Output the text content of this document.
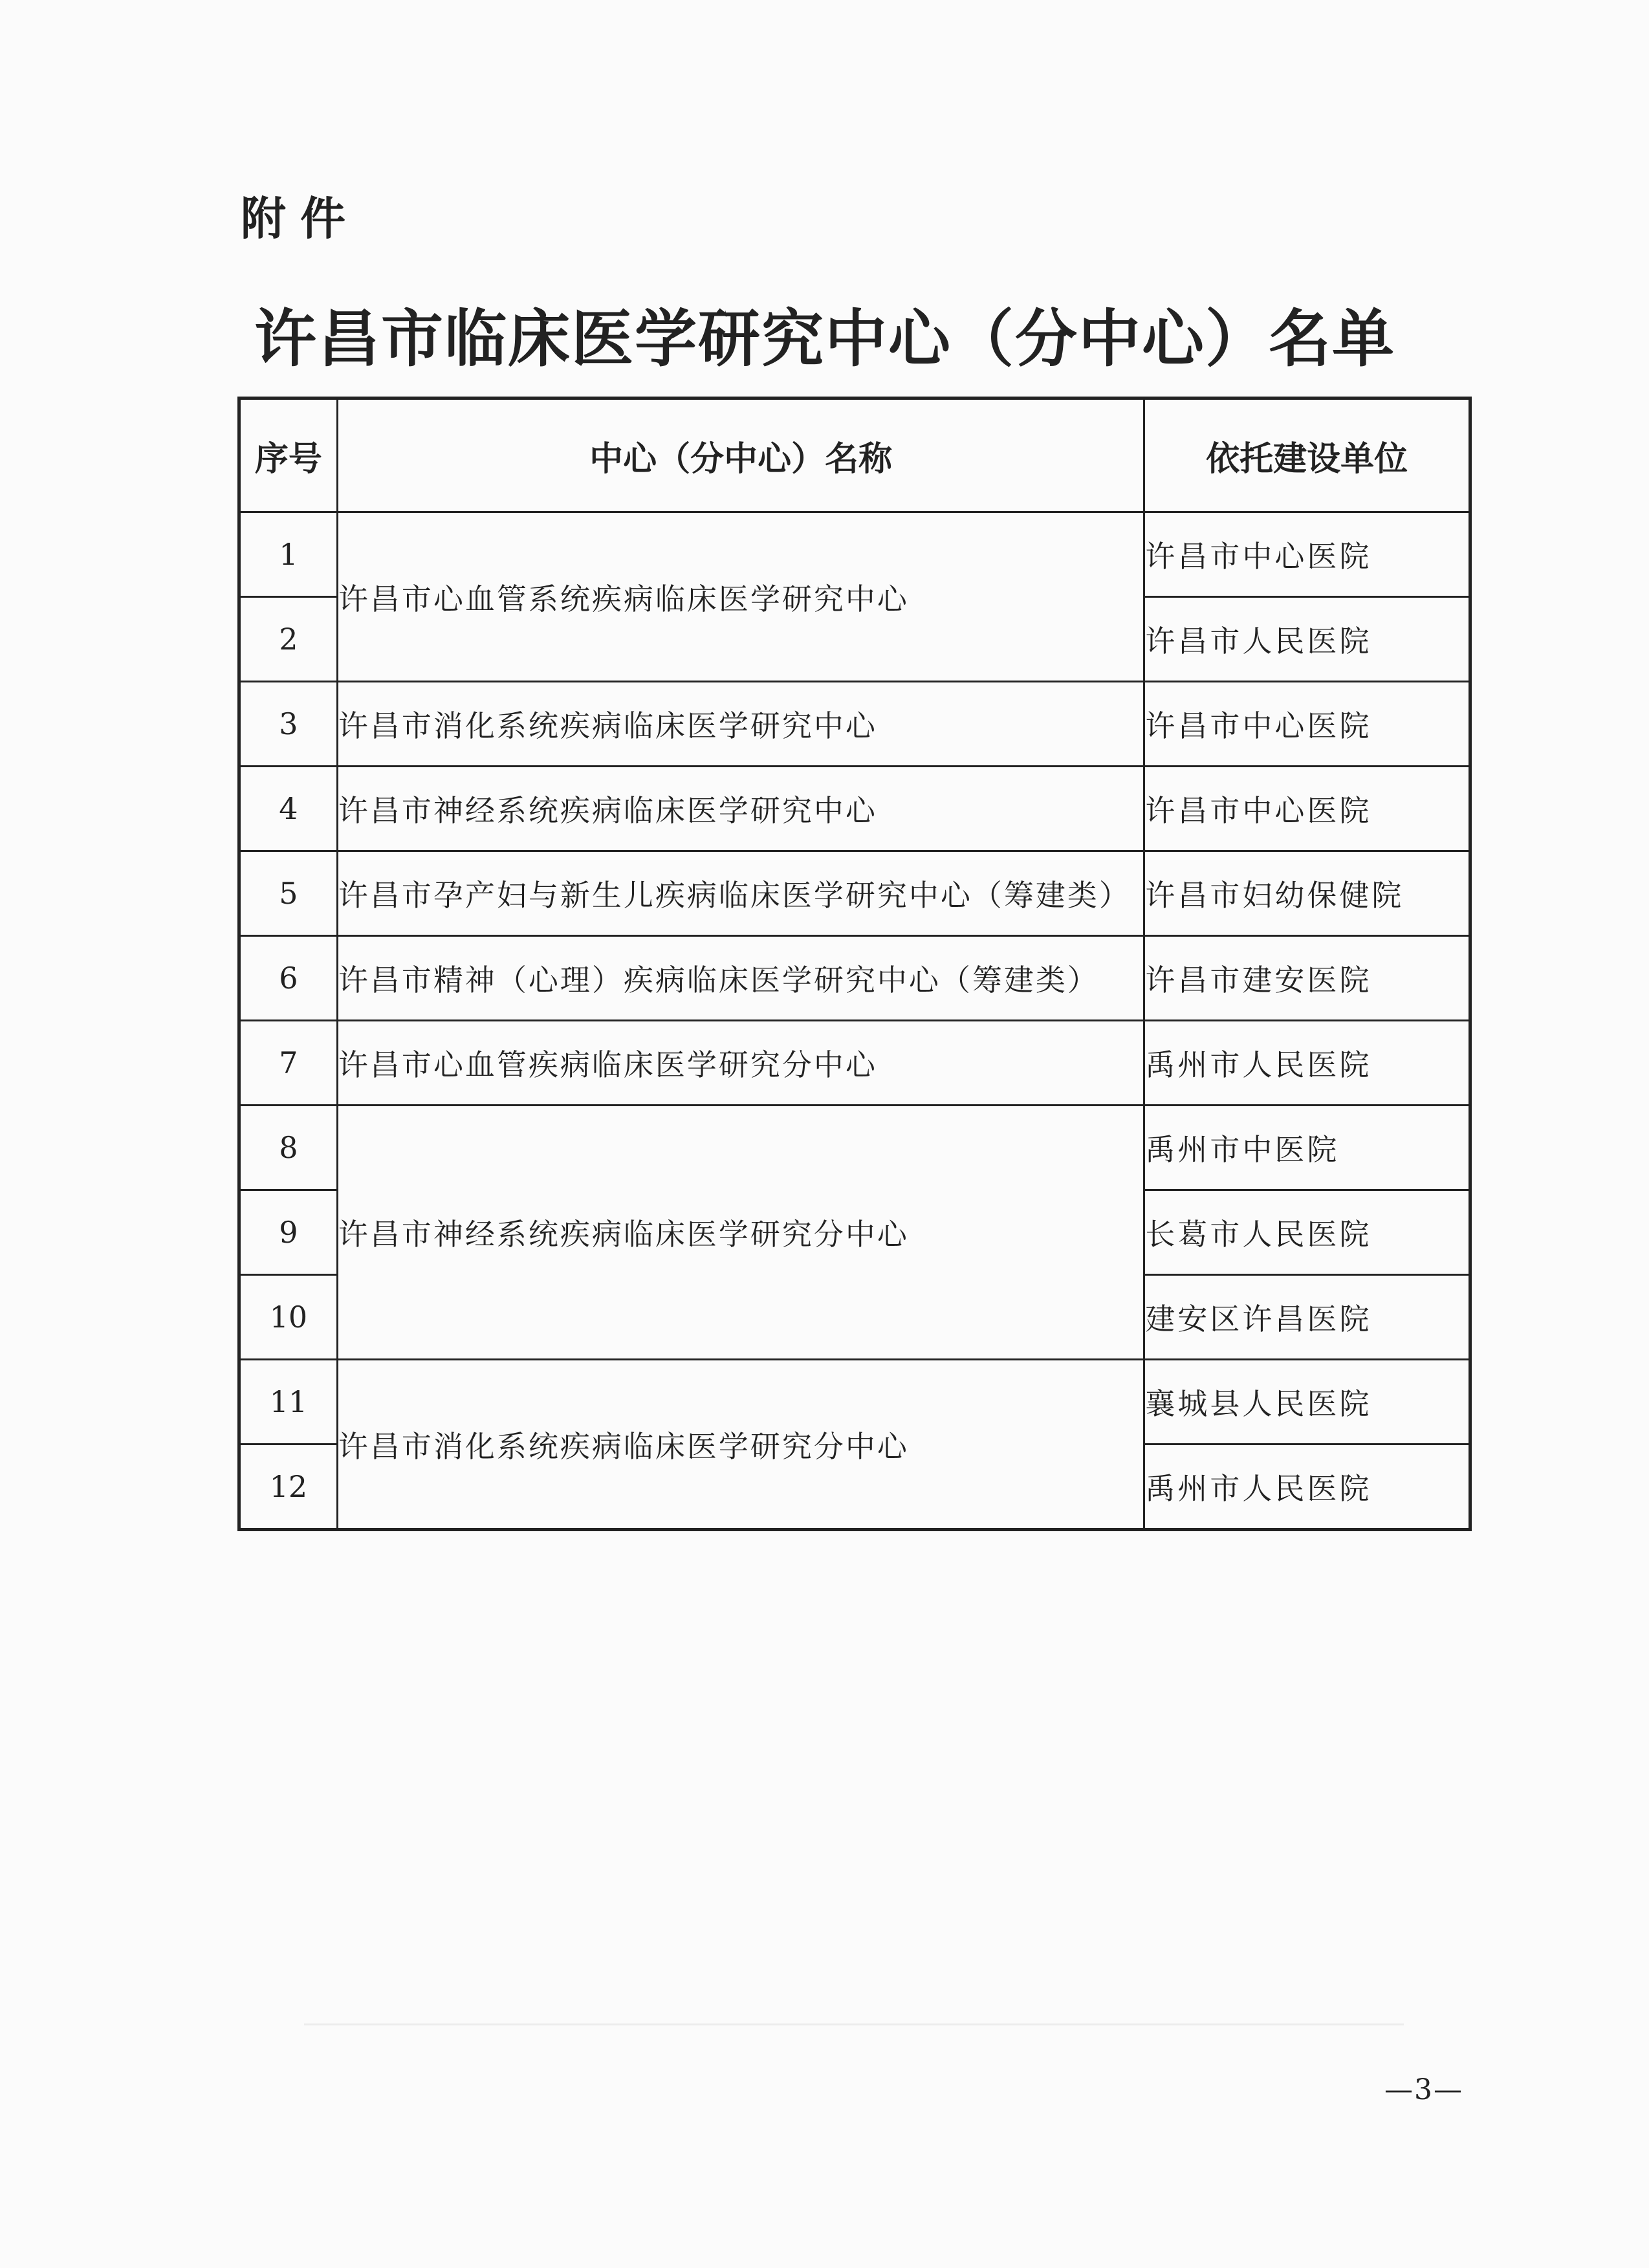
附件
许昌市临床医学研究中心（分中心）名单
序号	中心（分中心）名称	依托建设单位
1	许昌市心血管系统疾病临床医学研究中心	许昌市中心医院
2		许昌市人民医院
3	许昌市消化系统疾病临床医学研究中心	许昌市中心医院
4	许昌市神经系统疾病临床医学研究中心	许昌市中心医院
5	许昌市孕产妇与新生儿疾病临床医学研究中心（筹建类）	许昌市妇幼保健院
6	许昌市精神（心理）疾病临床医学研究中心（筹建类）	许昌市建安医院
7	许昌市心血管疾病临床医学研究分中心	禹州市人民医院
8	许昌市神经系统疾病临床医学研究分中心	禹州市中医院
9		长葛市人民医院
10		建安区许昌医院
11	许昌市消化系统疾病临床医学研究分中心	襄城县人民医院
12		禹州市人民医院
—3—
